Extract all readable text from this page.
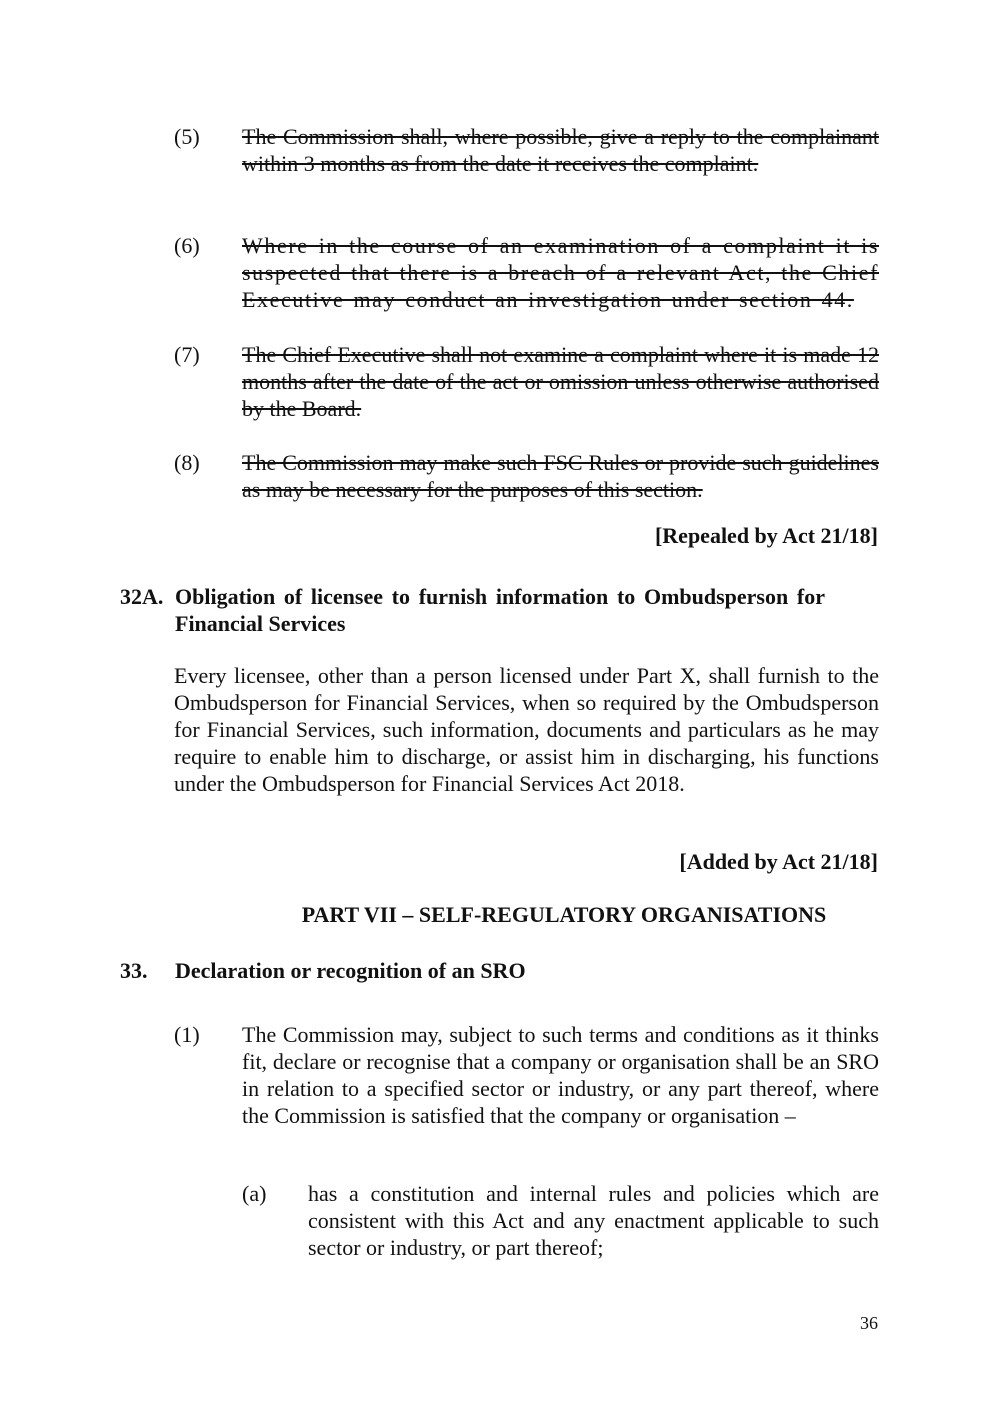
(5) The Commission shall, where possible, give a reply to the complainant within 3 months as from the date it receives the complaint.
(6) Where in the course of an examination of a complaint it is suspected that there is a breach of a relevant Act, the Chief Executive may conduct an investigation under section 44.
(7) The Chief Executive shall not examine a complaint where it is made 12 months after the date of the act or omission unless otherwise authorised by the Board.
(8) The Commission may make such FSC Rules or provide such guidelines as may be necessary for the purposes of this section.
[Repealed by Act 21/18]
32A. Obligation of licensee to furnish information to Ombudsperson for Financial Services
Every licensee, other than a person licensed under Part X, shall furnish to the Ombudsperson for Financial Services, when so required by the Ombudsperson for Financial Services, such information, documents and particulars as he may require to enable him to discharge, or assist him in discharging, his functions under the Ombudsperson for Financial Services Act 2018.
[Added by Act 21/18]
PART VII – SELF-REGULATORY ORGANISATIONS
33. Declaration or recognition of an SRO
(1) The Commission may, subject to such terms and conditions as it thinks fit, declare or recognise that a company or organisation shall be an SRO in relation to a specified sector or industry, or any part thereof, where the Commission is satisfied that the company or organisation –
(a) has a constitution and internal rules and policies which are consistent with this Act and any enactment applicable to such sector or industry, or part thereof;
36
